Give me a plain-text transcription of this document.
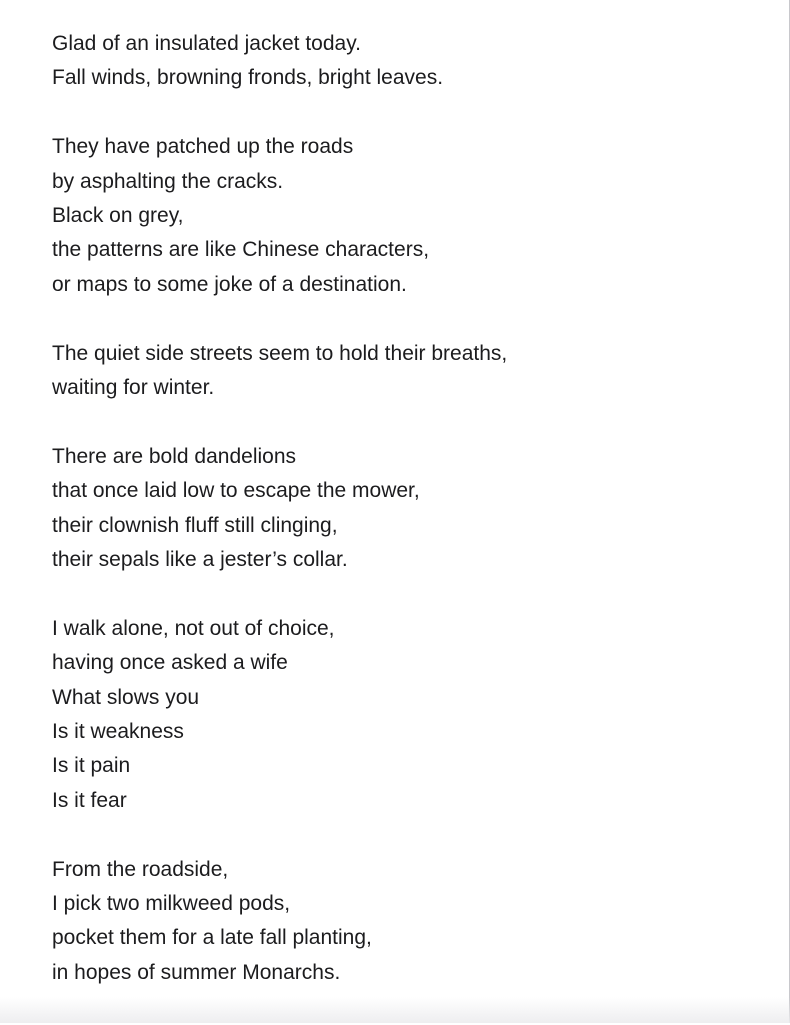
Glad of an insulated jacket today.
Fall winds, browning fronds, bright leaves.
They have patched up the roads
by asphalting the cracks.
Black on grey,
the patterns are like Chinese characters,
or maps to some joke of a destination.
The quiet side streets seem to hold their breaths,
waiting for winter.
There are bold dandelions
that once laid low to escape the mower,
their clownish fluff still clinging,
their sepals like a jester’s collar.
I walk alone, not out of choice,
having once asked a wife
What slows you
Is it weakness
Is it pain
Is it fear
From the roadside,
I pick two milkweed pods,
pocket them for a late fall planting,
in hopes of summer Monarchs.
